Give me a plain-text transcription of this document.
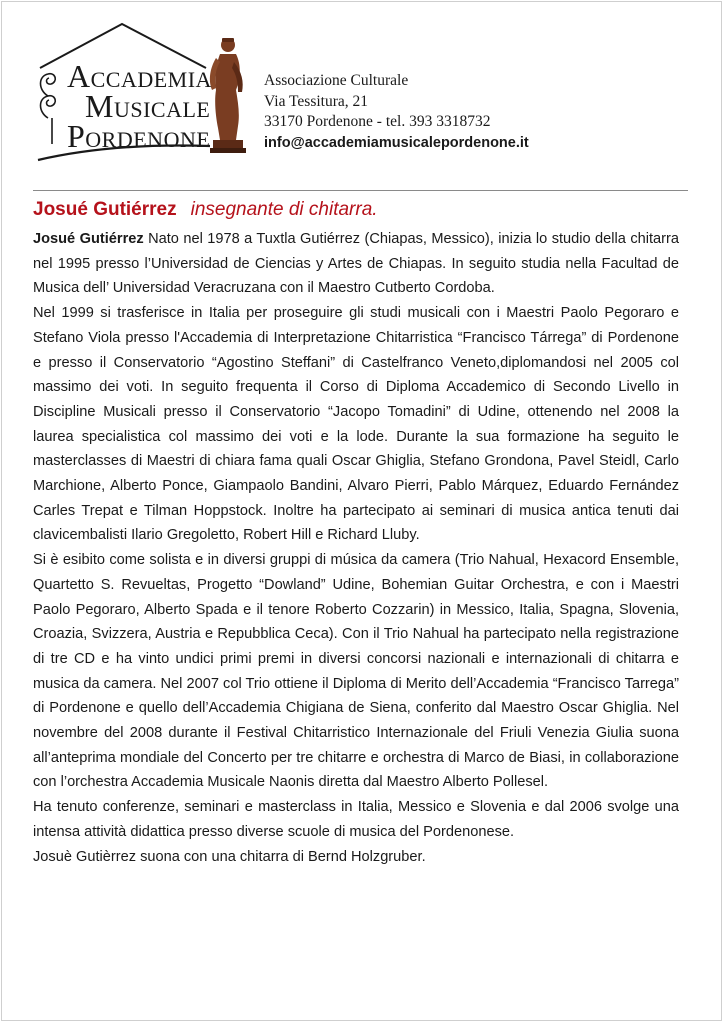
ACCADEMIA
MUSICALE
PORDENONE
Associazione Culturale
Via Tessitura, 21
33170 Pordenone - tel. 393 3318732
info@accademiamusicalepordenone.it
Josué Gutiérrez insegnante di chitarra.

Josué Gutiérrez Nato nel 1978 a Tuxtla Gutiérrez (Chiapas, Messico), inizia lo studio della chitarra nel 1995 presso l’Universidad de Ciencias y Artes de Chiapas. In seguito studia nella Facultad de Musica dell’ Universidad Veracruzana con il Maestro Cutberto Cordoba.

Nel 1999 si trasferisce in Italia per proseguire gli studi musicali con i Maestri Paolo Pegoraro e Stefano Viola presso l'Accademia di Interpretazione Chitarristica “Francisco Tárrega” di Pordenone e presso il Conservatorio “Agostino Steffani” di Castelfranco Veneto,diplomandosi nel 2005 col massimo dei voti. In seguito frequenta il Corso di Diploma Accademico di Secondo Livello in Discipline Musicali presso il Conservatorio “Jacopo Tomadini” di Udine, ottenendo nel 2008 la laurea specialistica col massimo dei voti e la lode. Durante la sua formazione ha seguito le masterclasses di Maestri di chiara fama quali Oscar Ghiglia, Stefano Grondona, Pavel Steidl, Carlo Marchione, Alberto Ponce, Giampaolo Bandini, Alvaro Pierri, Pablo Márquez, Eduardo Fernández Carles Trepat e Tilman Hoppstock. Inoltre ha partecipato ai seminari di musica antica tenuti dai clavicembalisti Ilario Gregoletto, Robert Hill e Richard Lluby.

Si è esibito come solista e in diversi gruppi di música da camera (Trio Nahual, Hexacord Ensemble, Quartetto S. Revueltas, Progetto “Dowland” Udine, Bohemian Guitar Orchestra, e con i Maestri Paolo Pegoraro, Alberto Spada e il tenore Roberto Cozzarin) in Messico, Italia, Spagna, Slovenia, Croazia, Svizzera, Austria e Repubblica Ceca). Con il Trio Nahual ha partecipato nella registrazione di tre CD e ha vinto undici primi premi in diversi concorsi nazionali e internazionali di chitarra e musica da camera. Nel 2007 col Trio ottiene il Diploma di Merito dell’Accademia “Francisco Tarrega” di Pordenone e quello dell’Accademia Chigiana de Siena, conferito dal Maestro Oscar Ghiglia. Nel novembre del 2008 durante il Festival Chitarristico Internazionale del Friuli Venezia Giulia suona all’anteprima mondiale del Concerto per tre chitarre e orchestra di Marco de Biasi, in collaborazione con l’orchestra Accademia Musicale Naonis diretta dal Maestro Alberto Pollesel.

Ha tenuto conferenze, seminari e masterclass in Italia, Messico e Slovenia e dal 2006 svolge una intensa attività didattica presso diverse scuole di musica del Pordenonese.

Josuè Gutièrrez suona con una chitarra di Bernd Holzgruber.
